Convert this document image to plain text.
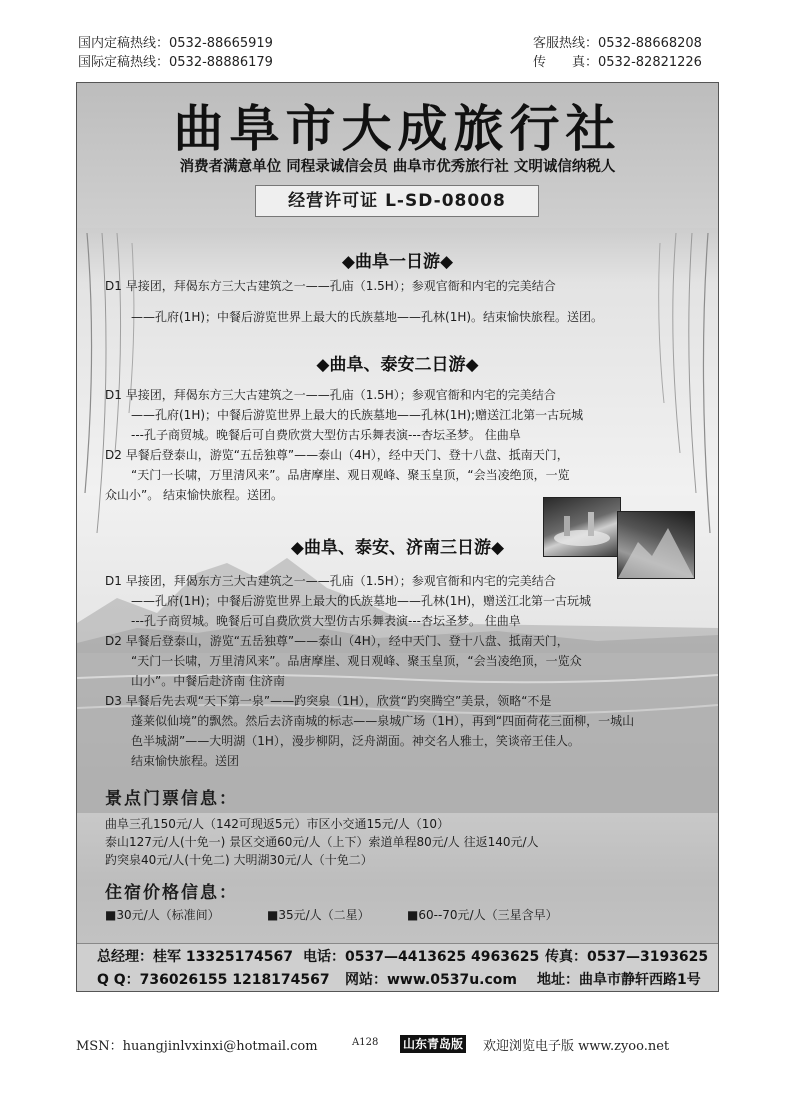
国内定稿热线：0532-88665919
国际定稿热线：0532-88886179
客服热线：0532-88668208
传　　真：0532-82821226
曲阜市大成旅行社
消费者满意单位 同程录诚信会员 曲阜市优秀旅行社 文明诚信纳税人
经营许可证 L-SD-08008
◆曲阜一日游◆
D1 早接团，拜偈东方三大古建筑之一——孔庙（1.5H）；参观官衙和内宅的完美结合
——孔府(1H)；中餐后游览世界上最大的氏族墓地——孔林(1H)。结束愉快旅程。送团。
◆曲阜、泰安二日游◆
D1 早接团，拜偈东方三大古建筑之一——孔庙（1.5H）；参观官衙和内宅的完美结合
——孔府(1H)；中餐后游览世界上最大的氏族墓地——孔林(1H);赠送江北第一古玩城
---孔子商贸城。晚餐后可自费欣赏大型仿古乐舞表演---杏坛圣梦。 住曲阜
D2 早餐后登泰山，游览“五岳独尊”——泰山（4H），经中天门、登十八盘、抵南天门，
“天门一长啸，万里清风来”。品唐摩崖、观日观峰、聚玉皇顶，“会当凌绝顶，一览
众山小”。 结束愉快旅程。送团。
◆曲阜、泰安、济南三日游◆
D1 早接团，拜偈东方三大古建筑之一——孔庙（1.5H）；参观官衙和内宅的完美结合
——孔府(1H)；中餐后游览世界上最大的氏族墓地——孔林(1H)，赠送江北第一古玩城
---孔子商贸城。晚餐后可自费欣赏大型仿古乐舞表演---杏坛圣梦。 住曲阜
D2 早餐后登泰山，游览“五岳独尊”——泰山（4H），经中天门、登十八盘、抵南天门，
“天门一长啸，万里清风来”。品唐摩崖、观日观峰、聚玉皇顶，“会当凌绝顶，一览众
山小”。中餐后赴济南 住济南
D3 早餐后先去观“天下第一泉”——趵突泉（1H），欣赏“趵突腾空”美景，领略“不是
蓬莱似仙境”的飘然。然后去济南城的标志——泉城广场（1H），再到“四面荷花三面柳，一城山
色半城湖”——大明湖（1H），漫步柳阴，泛舟湖面。神交名人雅士，笑谈帝王佳人。
结束愉快旅程。送团
景点门票信息：
曲阜三孔150元/人（142可现返5元）市区小交通15元/人（10）
泰山127元/人(十免一) 景区交通60元/人（上下）索道单程80元/人 往返140元/人
趵突泉40元/人(十免二) 大明湖30元/人（十免二）
住宿价格信息：
■30元/人（标准间）	■35元/人（二星）	■60--70元/人（三星含早）
总经理：桂军 13325174567 电话：0537—4413625 4963625 传真：0537—3193625
Q Q：736026155 1218174567 网站：www.0537u.com 地址：曲阜市静轩西路1号
MSN：huangjinlvxinxi@hotmail.com	A128 山东青岛版 欢迎浏览电子版 www.zyoo.net
